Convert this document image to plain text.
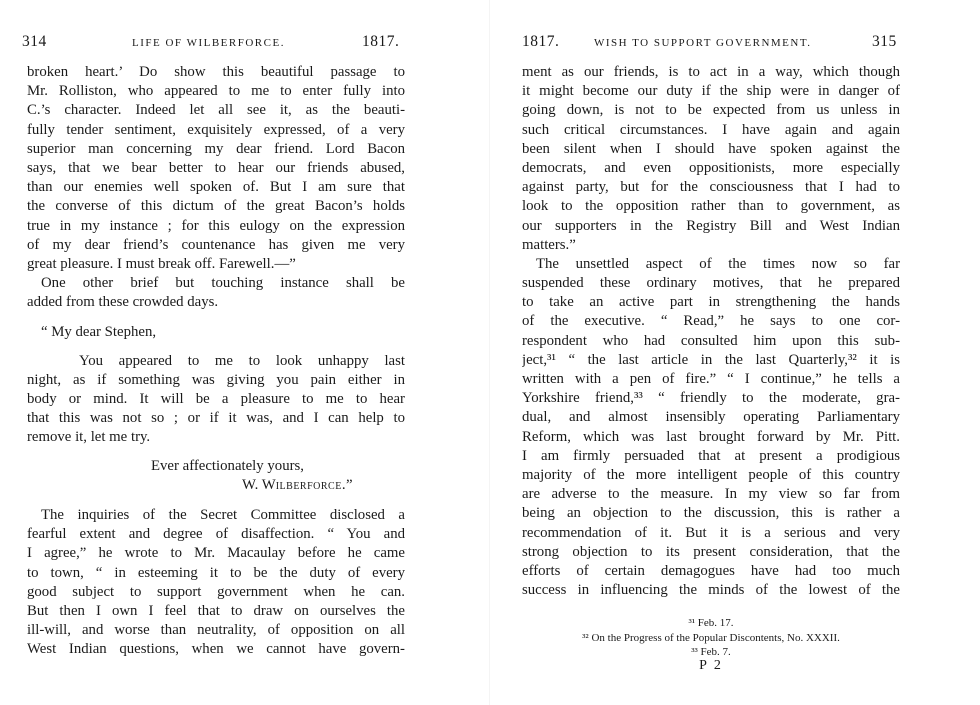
314	LIFE OF WILBERFORCE.	1817.
broken heart.’ Do show this beautiful passage to
Mr. Rolliston, who appeared to me to enter fully into
C.’s character. Indeed let all see it, as the beauti-
fully tender sentiment, exquisitely expressed, of a very
superior man concerning my dear friend. Lord Bacon
says, that we bear better to hear our friends abused,
than our enemies well spoken of. But I am sure that
the converse of this dictum of the great Bacon’s holds
true in my instance ; for this eulogy on the expression
of my dear friend’s countenance has given me very
great pleasure. I must break off. Farewell.—”
One other brief but touching instance shall be
added from these crowded days.
“ My dear Stephen,
You appeared to me to look unhappy last
night, as if something was giving you pain either in
body or mind. It will be a pleasure to me to hear
that this was not so ; or if it was, and I can help to
remove it, let me try.
Ever affectionately yours,
W. Wilberforce.”
The inquiries of the Secret Committee disclosed a
fearful extent and degree of disaffection. “ You and
I agree,” he wrote to Mr. Macaulay before he came
to town, “ in esteeming it to be the duty of every
good subject to support government when he can.
But then I own I feel that to draw on ourselves the
ill-will, and worse than neutrality, of opposition on all
West Indian questions, when we cannot have govern-
1817.	WISH TO SUPPORT GOVERNMENT.	315
ment as our friends, is to act in a way, which though
it might become our duty if the ship were in danger of
going down, is not to be expected from us unless in
such critical circumstances. I have again and again
been silent when I should have spoken against the
democrats, and even oppositionists, more especially
against party, but for the consciousness that I had to
look to the opposition rather than to government, as
our supporters in the Registry Bill and West Indian
matters.”
The unsettled aspect of the times now so far
suspended these ordinary motives, that he prepared
to take an active part in strengthening the hands
of the executive. “ Read,” he says to one cor-
respondent who had consulted him upon this sub-
ject,³¹ “ the last article in the last Quarterly,³² it is
written with a pen of fire.” “ I continue,” he tells a
Yorkshire friend,³³ “ friendly to the moderate, gra-
dual, and almost insensibly operating Parliamentary
Reform, which was last brought forward by Mr. Pitt.
I am firmly persuaded that at present a prodigious
majority of the more intelligent people of this country
are adverse to the measure. In my view so far from
being an objection to the discussion, this is rather a
recommendation of it. But it is a serious and very
strong objection to its present consideration, that the
efforts of certain demagogues have had too much
success in influencing the minds of the lowest of the
³¹ Feb. 17.
³² On the Progress of the Popular Discontents, No. XXXII.
³³ Feb. 7.
P 2
